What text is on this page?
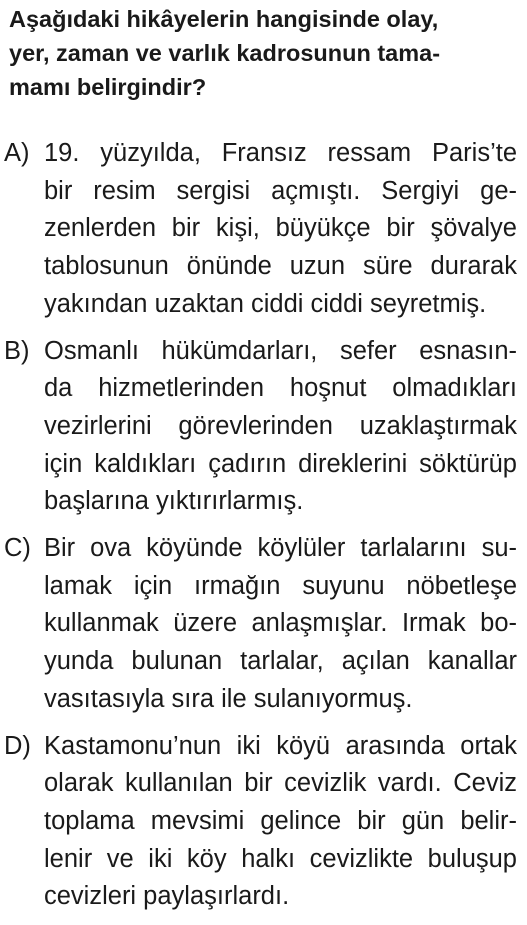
Aşağıdaki hikâyelerin hangisinde olay,
yer, zaman ve varlık kadrosunun tama-
mamı belirgindir?
A) 19. yüzyılda, Fransız ressam Paris’te
bir resim sergisi açmıştı. Sergiyi ge-
zenlerden bir kişi, büyükçe bir şövalye
tablosunun önünde uzun süre durarak
yakından uzaktan ciddi ciddi seyretmiş.
B) Osmanlı hükümdarları, sefer esnasın-
da hizmetlerinden hoşnut olmadıkları
vezirlerini görevlerinden uzaklaştırmak
için kaldıkları çadırın direklerini söktürüp
başlarına yıktırırlarmış.
C) Bir ova köyünde köylüler tarlalarını su-
lamak için ırmağın suyunu nöbetleşe
kullanmak üzere anlaşmışlar. Irmak bo-
yunda bulunan tarlalar, açılan kanallar
vasıtasıyla sıra ile sulanıyormuş.
D) Kastamonu’nun iki köyü arasında ortak
olarak kullanılan bir cevizlik vardı. Ceviz
toplama mevsimi gelince bir gün belir-
lenir ve iki köy halkı cevizlikte buluşup
cevizleri paylaşırlardı.
